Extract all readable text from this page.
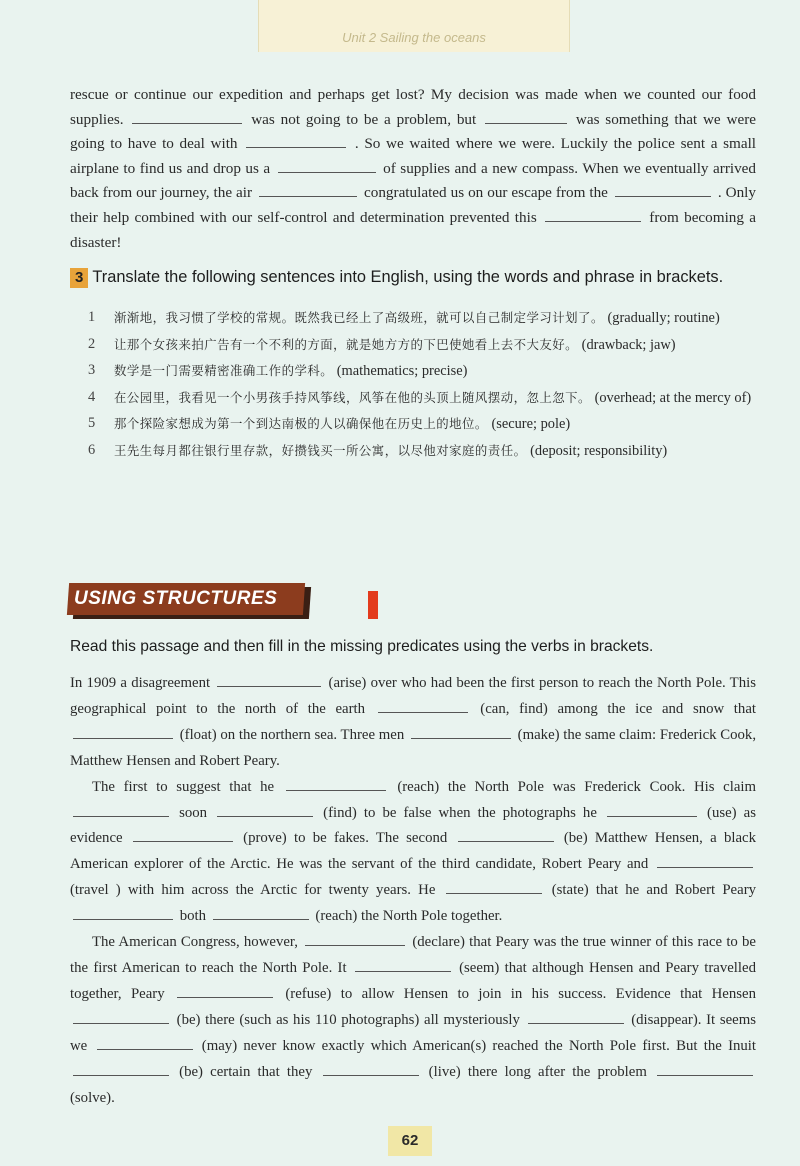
Unit 2 Sailing the oceans

rescue or continue our expedition and perhaps get lost? My decision was made when we counted our food supplies.	was not going to be a problem, but	was something that we were going to have to deal with	. So we waited where we were. Luckily the police sent a small airplane to find us and drop us a	of supplies and a new compass. When we eventually arrived back from our journey, the air	congratulated us on our escape from the	. Only their help combined with our self-control and determination prevented this	from becoming a disaster!

3 Translate the following sentences into English, using the words and phrase in brackets.
1	渐渐地，我习惯了学校的常规。既然我已经上了高级班，就可以自己制定学习计划了。 (gradually; routine)
2	让那个女孩来拍广告有一个不利的方面，就是她方方的下巴使她看上去不大友好。 (drawback; jaw)
3	数学是一门需要精密准确工作的学科。 (mathematics; precise)
4	在公园里，我看见一个小男孩手持风筝线，风筝在他的头顶上随风摆动，忽上忽下。 (overhead; at the mercy of)
5	那个探险家想成为第一个到达南极的人以确保他在历史上的地位。 (secure; pole)
6	王先生每月都往银行里存款，好攒钱买一所公寓，以尽他对家庭的责任。 (deposit; responsibility)
USING STRUCTURES
Read this passage and then fill in the missing predicates using the verbs in brackets.

In 1909 a disagreement	(arise) over who had been the first person to reach the North Pole. This geographical point to the north of the earth	(can, find) among the ice and snow that  (float) on the northern sea. Three men	(make) the same claim: Frederick Cook, Matthew Hensen and Robert Peary.

The first to suggest that he	(reach) the North Pole was Frederick Cook. His claim  soon	(find) to be false when the photographs he	(use) as evidence	(prove) to be fakes. The second	(be) Matthew Hensen, a black American explorer of the Arctic. He was the servant of the third candidate, Robert Peary and  (travel ) with him across the Arctic for twenty years. He	(state) that he and Robert Peary  both	(reach) the North Pole together.

The American Congress, however,	(declare) that Peary was the true winner of this race to be the first American to reach the North Pole. It	(seem) that although Hensen and Peary travelled together, Peary	(refuse) to allow Hensen to join in his success. Evidence that Hensen  (be) there (such as his 110 photographs) all mysteriously	(disappear). It seems we	(may) never know exactly which American(s) reached the North Pole first. But the Inuit  (be) certain that they	(live) there long after the problem  (solve).

62
